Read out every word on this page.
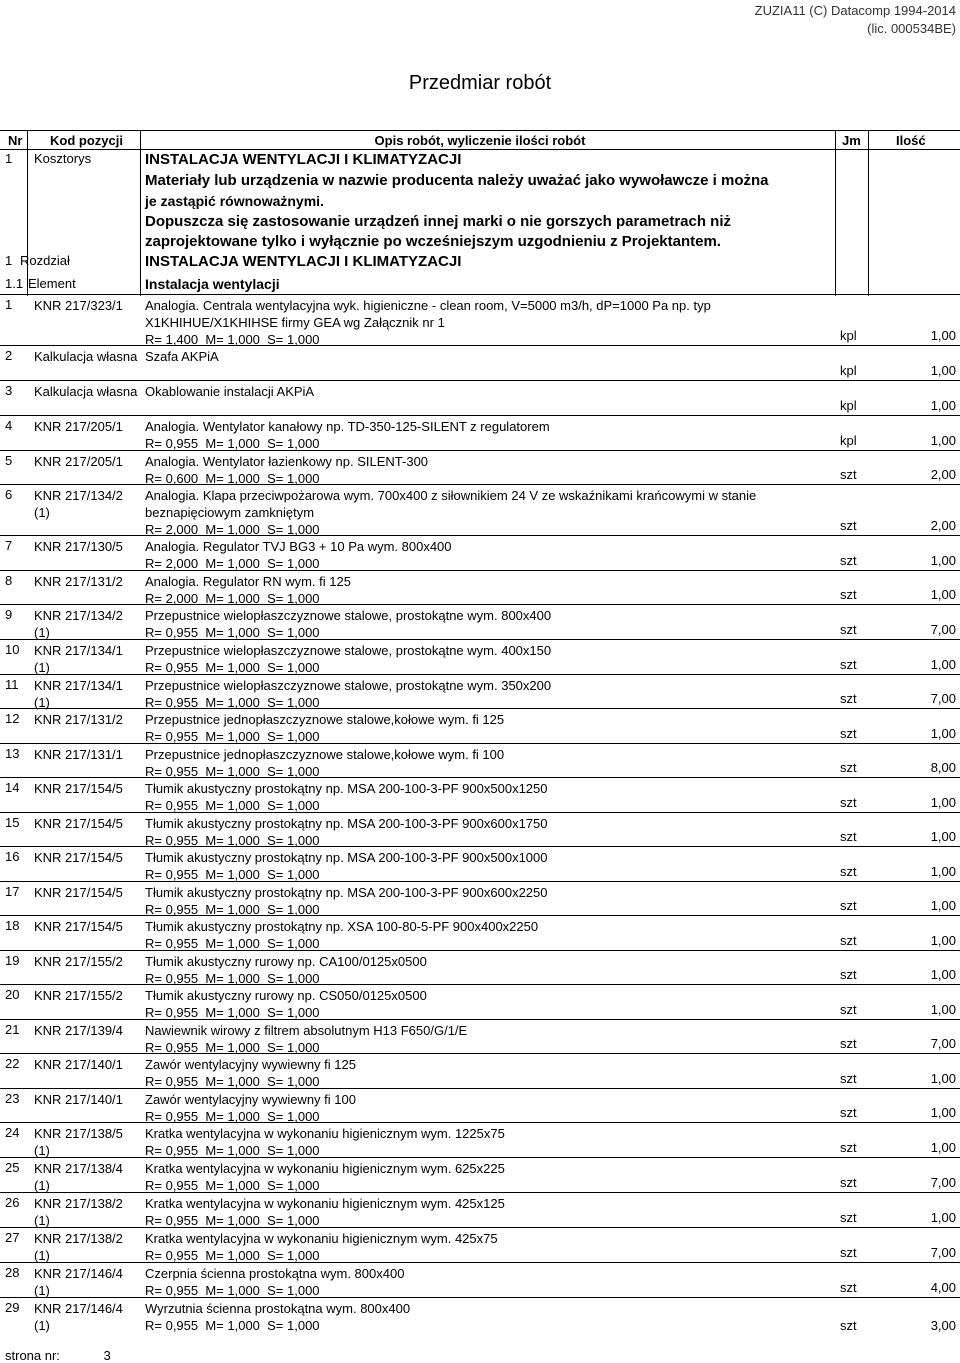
ZUZIA11 (C) Datacomp 1994-2014
(lic. 000534BE)
Przedmiar robót
Nr Kod pozycji	Opis robót, wyliczenie ilości robót	Jm	Ilość
1 Kosztorys	INSTALACJA WENTYLACJI I KLIMATYZACJI
Materiały lub urządzenia w nazwie producenta należy uważać jako wywoławcze i można
je zastąpić równoważnymi.
Dopuszcza się zastosowanie urządzeń innej marki o nie gorszych parametrach niż
zaprojektowane tylko i wyłącznie po wcześniejszym uzgodnieniu z Projektantem.
1 Rozdział	INSTALACJA WENTYLACJI I KLIMATYZACJI
1.1 Element	Instalacja wentylacji
1 KNR 217/323/1	Analogia. Centrala wentylacyjna wyk. higieniczne - clean room, V=5000 m3/h, dP=1000 Pa np. typ X1KHIHUE/X1KHIHSE firmy GEA wg Załącznik nr 1
R= 1,400  M= 1,000  S= 1,000	kpl	1,00
2 Kalkulacja własna Szafa AKPiA
kpl	1,00
3 Kalkulacja własna Okablowanie instalacji AKPiA
kpl	1,00
4 KNR 217/205/1	Analogia. Wentylator kanałowy np. TD-350-125-SILENT z regulatorem
R= 0,955  M= 1,000  S= 1,000	kpl	1,00
5 KNR 217/205/1	Analogia. Wentylator łazienkowy np. SILENT-300
R= 0,600  M= 1,000  S= 1,000	szt	2,00
6 KNR 217/134/2 (1)
Analogia. Klapa przeciwpożarowa wym. 700x400 z siłownikiem 24 V ze wskaźnikami krańcowymi w stanie beznapięciowym zamkniętym
R= 2,000  M= 1,000  S= 1,000	szt	2,00
7 KNR 217/130/5	Analogia. Regulator TVJ BG3 + 10 Pa wym. 800x400
R= 2,000  M= 1,000  S= 1,000	szt	1,00
8 KNR 217/131/2	Analogia. Regulator RN wym. fi 125
R= 2,000  M= 1,000  S= 1,000	szt	1,00
9 KNR 217/134/2 (1)
Przepustnice wielopłaszczyznowe stalowe, prostokątne wym. 800x400
R= 0,955  M= 1,000  S= 1,000	szt	7,00
10 KNR 217/134/1 (1)
Przepustnice wielopłaszczyznowe stalowe, prostokątne wym. 400x150
R= 0,955  M= 1,000  S= 1,000	szt	1,00
11 KNR 217/134/1 (1)
Przepustnice wielopłaszczyznowe stalowe, prostokątne wym. 350x200
R= 0,955  M= 1,000  S= 1,000	szt	7,00
12 KNR 217/131/2	Przepustnice jednopłaszczyznowe stalowe,kołowe wym. fi 125
R= 0,955  M= 1,000  S= 1,000	szt	1,00
13 KNR 217/131/1	Przepustnice jednopłaszczyznowe stalowe,kołowe wym. fi 100
R= 0,955  M= 1,000  S= 1,000	szt	8,00
14 KNR 217/154/5	Tłumik akustyczny prostokątny np. MSA 200-100-3-PF 900x500x1250
R= 0,955  M= 1,000  S= 1,000	szt	1,00
15 KNR 217/154/5	Tłumik akustyczny prostokątny np. MSA 200-100-3-PF 900x600x1750
R= 0,955  M= 1,000  S= 1,000	szt	1,00
16 KNR 217/154/5	Tłumik akustyczny prostokątny np. MSA 200-100-3-PF 900x500x1000
R= 0,955  M= 1,000  S= 1,000	szt	1,00
17 KNR 217/154/5	Tłumik akustyczny prostokątny np. MSA 200-100-3-PF 900x600x2250
R= 0,955  M= 1,000  S= 1,000	szt	1,00
18 KNR 217/154/5	Tłumik akustyczny prostokątny np. XSA 100-80-5-PF 900x400x2250
R= 0,955  M= 1,000  S= 1,000	szt	1,00
19 KNR 217/155/2	Tłumik akustyczny rurowy np. CA100/0125x0500
R= 0,955  M= 1,000  S= 1,000	szt	1,00
20 KNR 217/155/2	Tłumik akustyczny rurowy np. CS050/0125x0500
R= 0,955  M= 1,000  S= 1,000	szt	1,00
21 KNR 217/139/4	Nawiewnik wirowy z filtrem absolutnym H13 F650/G/1/E
R= 0,955  M= 1,000  S= 1,000	szt	7,00
22 KNR 217/140/1	Zawór wentylacyjny wywiewny fi 125
R= 0,955  M= 1,000  S= 1,000	szt	1,00
23 KNR 217/140/1	Zawór wentylacyjny wywiewny fi 100
R= 0,955  M= 1,000  S= 1,000	szt	1,00
24 KNR 217/138/5 (1)
Kratka wentylacyjna w wykonaniu higienicznym wym. 1225x75
R= 0,955  M= 1,000  S= 1,000	szt	1,00
25 KNR 217/138/4 (1)
Kratka wentylacyjna w wykonaniu higienicznym wym. 625x225
R= 0,955  M= 1,000  S= 1,000	szt	7,00
26 KNR 217/138/2 (1)
Kratka wentylacyjna w wykonaniu higienicznym wym. 425x125
R= 0,955  M= 1,000  S= 1,000	szt	1,00
27 KNR 217/138/2 (1)
Kratka wentylacyjna w wykonaniu higienicznym wym. 425x75
R= 0,955  M= 1,000  S= 1,000	szt	7,00
28 KNR 217/146/4 (1)
Czerpnia ścienna prostokątna wym. 800x400
R= 0,955  M= 1,000  S= 1,000	szt	4,00
29 KNR 217/146/4 (1)
Wyrzutnia ścienna prostokątna wym. 800x400
R= 0,955  M= 1,000  S= 1,000	szt	3,00
strona nr:	3
